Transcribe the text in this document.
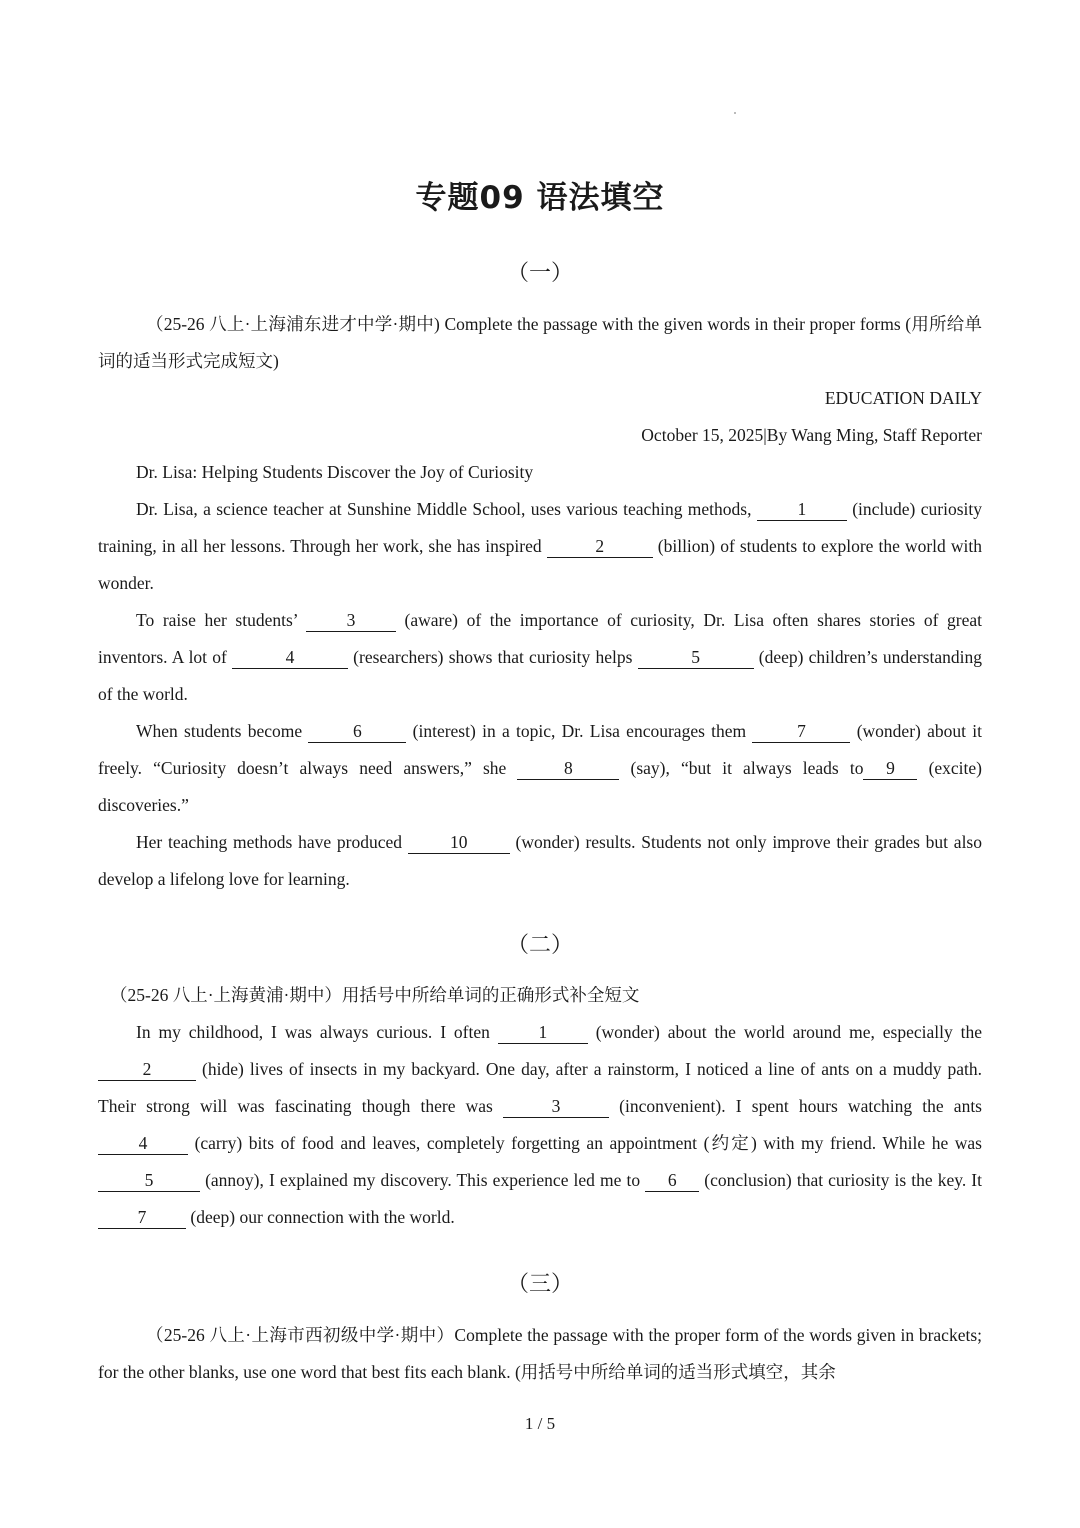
专题09 语法填空
（一）

（25-26 八上·上海浦东进才中学·期中) Complete the passage with the given words in their proper forms (用所给单词的适当形式完成短文)

EDUCATION DAILY

October 15, 2025|By Wang Ming, Staff Reporter

Dr. Lisa: Helping Students Discover the Joy of Curiosity

Dr. Lisa, a science teacher at Sunshine Middle School, uses various teaching methods, 1 (include) curiosity training, in all her lessons. Through her work, she has inspired	2	(billion) of students to explore the world with wonder.

To raise her students’ 3 (aware) of the importance of curiosity, Dr. Lisa often shares stories of great inventors. A lot of	4	(researchers) shows that curiosity helps	5	(deep) children’s understanding of the world.

When students become	6	(interest) in a topic, Dr. Lisa encourages them	7	(wonder) about it freely. “Curiosity doesn’t always need answers,” she	8	(say), “but it always leads to 9 (excite) discoveries.”

Her teaching methods have produced 10 (wonder) results. Students not only improve their grades but also develop a lifelong love for learning.

（二）

（25-26 八上·上海黄浦·期中）用括号中所给单词的正确形式补全短文

In my childhood, I was always curious. I often 1 (wonder) about the world around me, especially the 2	(hide) lives of insects in my backyard. One day, after a rainstorm, I noticed a line of ants on a muddy path. Their strong will was fascinating though there was	3	(inconvenient). I spent hours watching the ants 4 (carry) bits of food and leaves, completely forgetting an appointment (约定) with my friend. While he was 5	(annoy), I explained my discovery. This experience led me to 6 (conclusion) that curiosity is the key. It 7 (deep) our connection with the world.

（三）

（25-26 八上·上海市西初级中学·期中）Complete the passage with the proper form of the words given in brackets; for the other blanks, use one word that best fits each blank. (用括号中所给单词的适当形式填空，其余

1 / 5
